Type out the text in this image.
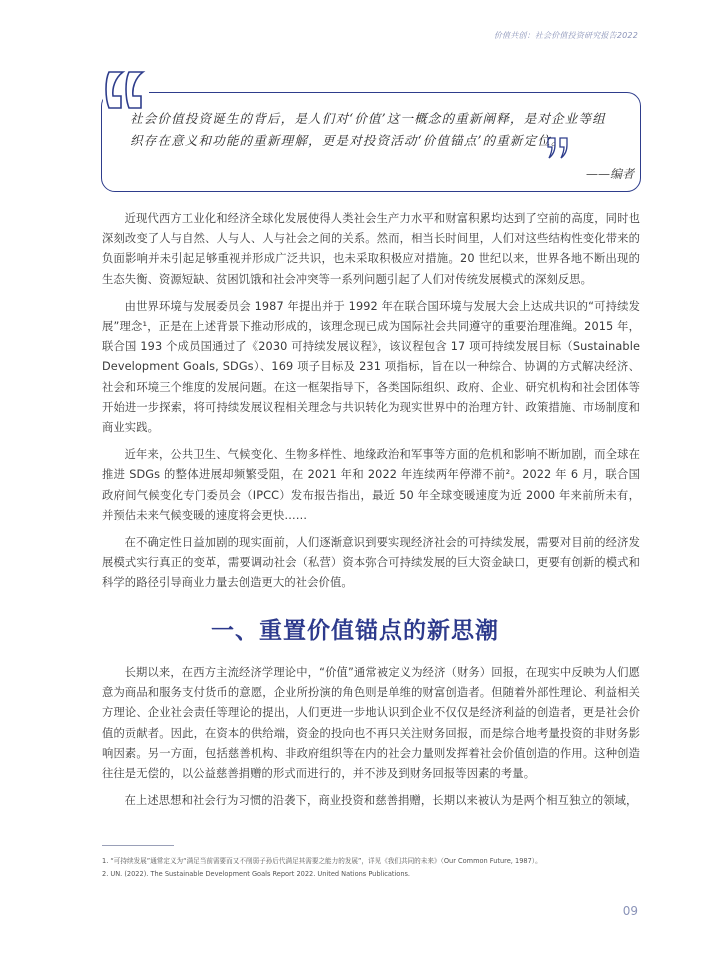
价值共创：社会价值投资研究报告2022
社会价值投资诞生的背后，是人们对‘价值’这一概念的重新阐释，是对企业等组
织存在意义和功能的重新理解，更是对投资活动‘价值锚点’的重新定位。
——编者

近现代西方工业化和经济全球化发展使得人类社会生产力水平和财富积累均达到了空前的高度，同时也深刻改变了人与自然、人与人、人与社会之间的关系。然而，相当长时间里，人们对这些结构性变化带来的负面影响并未引起足够重视并形成广泛共识，也未采取积极应对措施。20 世纪以来，世界各地不断出现的生态失衡、资源短缺、贫困饥饿和社会冲突等一系列问题引起了人们对传统发展模式的深刻反思。

由世界环境与发展委员会 1987 年提出并于 1992 年在联合国环境与发展大会上达成共识的“可持续发展”理念¹，正是在上述背景下推动形成的，该理念现已成为国际社会共同遵守的重要治理准绳。2015 年，联合国 193 个成员国通过了《2030 可持续发展议程》，该议程包含 17 项可持续发展目标（Sustainable Development Goals, SDGs）、169 项子目标及 231 项指标，旨在以一种综合、协调的方式解决经济、社会和环境三个维度的发展问题。在这一框架指导下，各类国际组织、政府、企业、研究机构和社会团体等开始进一步探索，将可持续发展议程相关理念与共识转化为现实世界中的治理方针、政策措施、市场制度和商业实践。

近年来，公共卫生、气候变化、生物多样性、地缘政治和军事等方面的危机和影响不断加剧，而全球在推进 SDGs 的整体进展却频繁受阻，在 2021 年和 2022 年连续两年停滞不前²。2022 年 6 月，联合国政府间气候变化专门委员会（IPCC）发布报告指出，最近 50 年全球变暖速度为近 2000 年来前所未有，并预估未来气候变暖的速度将会更快……

在不确定性日益加剧的现实面前，人们逐渐意识到要实现经济社会的可持续发展，需要对目前的经济发展模式实行真正的变革，需要调动社会（私营）资本弥合可持续发展的巨大资金缺口，更要有创新的模式和科学的路径引导商业力量去创造更大的社会价值。

一、重置价值锚点的新思潮

长期以来，在西方主流经济学理论中，“价值”通常被定义为经济（财务）回报，在现实中反映为人们愿意为商品和服务支付货币的意愿，企业所扮演的角色则是单维的财富创造者。但随着外部性理论、利益相关方理论、企业社会责任等理论的提出，人们更进一步地认识到企业不仅仅是经济利益的创造者，更是社会价值的贡献者。因此，在资本的供给端，资金的投向也不再只关注财务回报，而是综合地考量投资的非财务影响因素。另一方面，包括慈善机构、非政府组织等在内的社会力量则发挥着社会价值创造的作用。这种创造往往是无偿的，以公益慈善捐赠的形式而进行的，并不涉及到财务回报等因素的考量。

在上述思想和社会行为习惯的沿袭下，商业投资和慈善捐赠，长期以来被认为是两个相互独立的领域，

1. “可持续发展”通常定义为“满足当前需要而又不削弱子孙后代满足其需要之能力的发展”，详见《我们共同的未来》（Our Common Future, 1987）。
2. UN. (2022). The Sustainable Development Goals Report 2022. United Nations Publications.
09
